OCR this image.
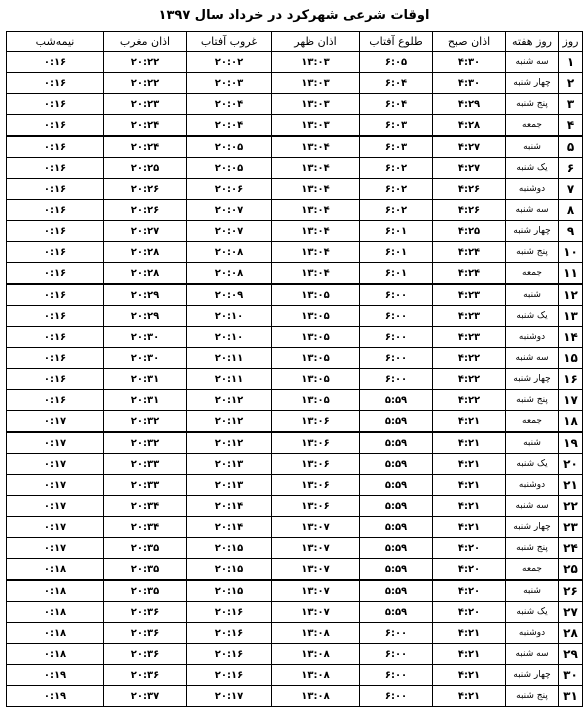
اوقات شرعی شهرکرد در خرداد سال ۱۳۹۷
روز	روز هفته	اذان صبح	طلوع آفتاب	اذان ظهر	غروب آفتاب	اذان مغرب	نیمه‌شب
۱	سه شنبه	۴:۳۰	۶:۰۵	۱۳:۰۳	۲۰:۰۲	۲۰:۲۲	۰:۱۶
۲	چهار شنبه	۴:۳۰	۶:۰۴	۱۳:۰۳	۲۰:۰۳	۲۰:۲۲	۰:۱۶
۳	پنج شنبه	۴:۲۹	۶:۰۴	۱۳:۰۳	۲۰:۰۴	۲۰:۲۳	۰:۱۶
۴	جمعه	۴:۲۸	۶:۰۳	۱۳:۰۳	۲۰:۰۴	۲۰:۲۴	۰:۱۶
۵	شنبه	۴:۲۷	۶:۰۳	۱۳:۰۴	۲۰:۰۵	۲۰:۲۴	۰:۱۶
۶	یک شنبه	۴:۲۷	۶:۰۲	۱۳:۰۴	۲۰:۰۵	۲۰:۲۵	۰:۱۶
۷	دوشنبه	۴:۲۶	۶:۰۲	۱۳:۰۴	۲۰:۰۶	۲۰:۲۶	۰:۱۶
۸	سه شنبه	۴:۲۶	۶:۰۲	۱۳:۰۴	۲۰:۰۷	۲۰:۲۶	۰:۱۶
۹	چهار شنبه	۴:۲۵	۶:۰۱	۱۳:۰۴	۲۰:۰۷	۲۰:۲۷	۰:۱۶
۱۰	پنج شنبه	۴:۲۴	۶:۰۱	۱۳:۰۴	۲۰:۰۸	۲۰:۲۸	۰:۱۶
۱۱	جمعه	۴:۲۴	۶:۰۱	۱۳:۰۴	۲۰:۰۸	۲۰:۲۸	۰:۱۶
۱۲	شنبه	۴:۲۳	۶:۰۰	۱۳:۰۵	۲۰:۰۹	۲۰:۲۹	۰:۱۶
۱۳	یک شنبه	۴:۲۳	۶:۰۰	۱۳:۰۵	۲۰:۱۰	۲۰:۲۹	۰:۱۶
۱۴	دوشنبه	۴:۲۳	۶:۰۰	۱۳:۰۵	۲۰:۱۰	۲۰:۳۰	۰:۱۶
۱۵	سه شنبه	۴:۲۲	۶:۰۰	۱۳:۰۵	۲۰:۱۱	۲۰:۳۰	۰:۱۶
۱۶	چهار شنبه	۴:۲۲	۶:۰۰	۱۳:۰۵	۲۰:۱۱	۲۰:۳۱	۰:۱۶
۱۷	پنج شنبه	۴:۲۲	۵:۵۹	۱۳:۰۵	۲۰:۱۲	۲۰:۳۱	۰:۱۶
۱۸	جمعه	۴:۲۱	۵:۵۹	۱۳:۰۶	۲۰:۱۲	۲۰:۳۲	۰:۱۷
۱۹	شنبه	۴:۲۱	۵:۵۹	۱۳:۰۶	۲۰:۱۲	۲۰:۳۲	۰:۱۷
۲۰	یک شنبه	۴:۲۱	۵:۵۹	۱۳:۰۶	۲۰:۱۳	۲۰:۳۳	۰:۱۷
۲۱	دوشنبه	۴:۲۱	۵:۵۹	۱۳:۰۶	۲۰:۱۳	۲۰:۳۳	۰:۱۷
۲۲	سه شنبه	۴:۲۱	۵:۵۹	۱۳:۰۶	۲۰:۱۴	۲۰:۳۴	۰:۱۷
۲۳	چهار شنبه	۴:۲۱	۵:۵۹	۱۳:۰۷	۲۰:۱۴	۲۰:۳۴	۰:۱۷
۲۴	پنج شنبه	۴:۲۰	۵:۵۹	۱۳:۰۷	۲۰:۱۵	۲۰:۳۵	۰:۱۷
۲۵	جمعه	۴:۲۰	۵:۵۹	۱۳:۰۷	۲۰:۱۵	۲۰:۳۵	۰:۱۸
۲۶	شنبه	۴:۲۰	۵:۵۹	۱۳:۰۷	۲۰:۱۵	۲۰:۳۵	۰:۱۸
۲۷	یک شنبه	۴:۲۰	۵:۵۹	۱۳:۰۷	۲۰:۱۶	۲۰:۳۶	۰:۱۸
۲۸	دوشنبه	۴:۲۱	۶:۰۰	۱۳:۰۸	۲۰:۱۶	۲۰:۳۶	۰:۱۸
۲۹	سه شنبه	۴:۲۱	۶:۰۰	۱۳:۰۸	۲۰:۱۶	۲۰:۳۶	۰:۱۸
۳۰	چهار شنبه	۴:۲۱	۶:۰۰	۱۳:۰۸	۲۰:۱۶	۲۰:۳۶	۰:۱۹
۳۱	پنج شنبه	۴:۲۱	۶:۰۰	۱۳:۰۸	۲۰:۱۷	۲۰:۳۷	۰:۱۹
